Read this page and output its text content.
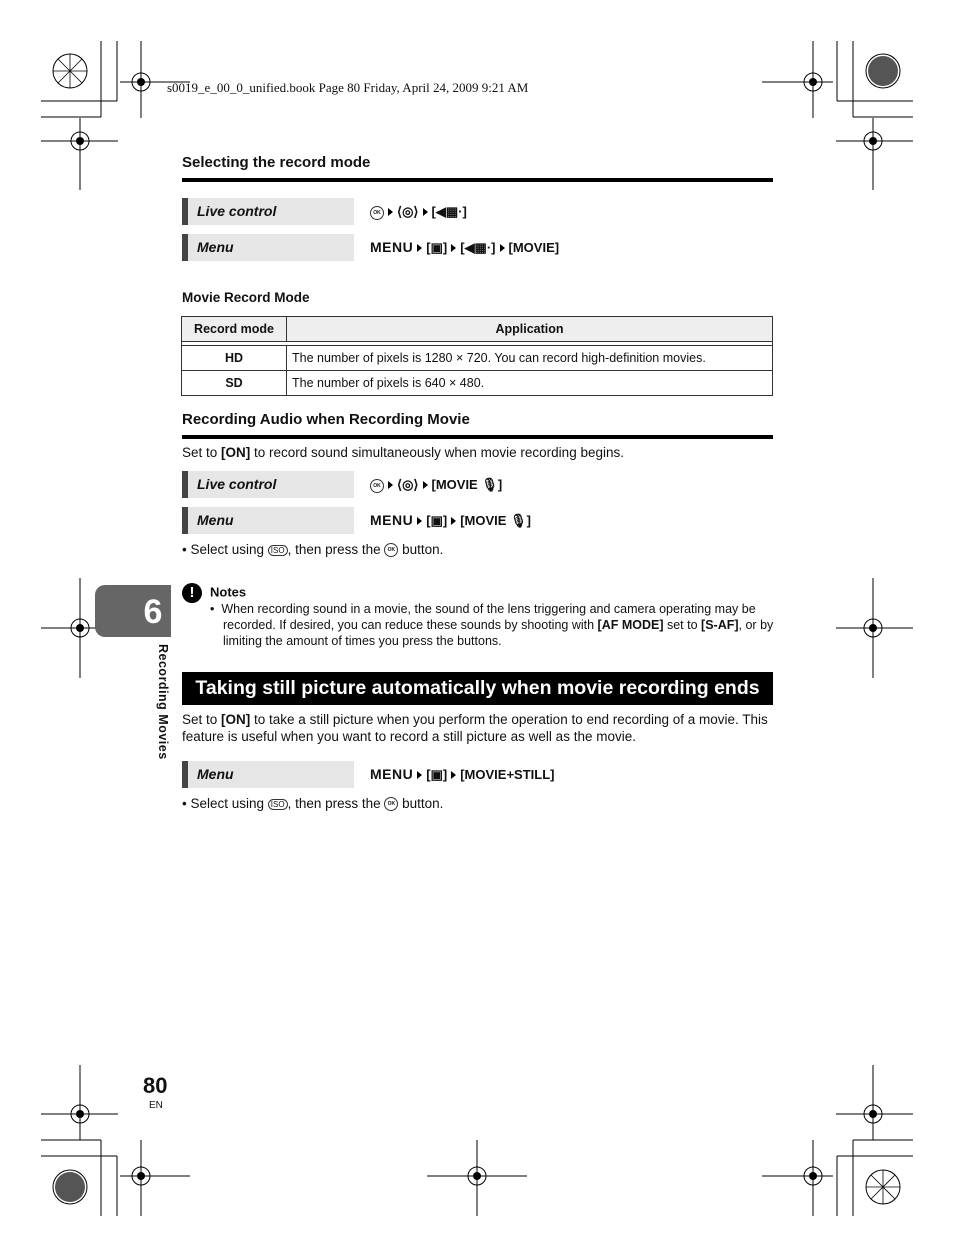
s0019_e_00_0_unified.book Page 80 Friday, April 24, 2009 9:21 AM
Selecting the record mode
Live control	OK ⟨◎⟩ [◀▦·]
Menu	MENU [▣] [◀▦·] [MOVIE]
Movie Record Mode
Record mode	Application

HD	The number of pixels is 1280 × 720. You can record high-definition movies.
SD	The number of pixels is 640 × 480.
Recording Audio when Recording Movie
Set to [ON] to record sound simultaneously when movie recording begins.
Live control	OK ⟨◎⟩ [MOVIE 🎙︎]
Menu	MENU [▣] [MOVIE 🎙︎]
• Select using ISO , then press the OK button.
! Notes
•  When recording sound in a movie, the sound of the lens triggering and camera operating may be recorded. If desired, you can reduce these sounds by shooting with [AF MODE] set to [S-AF], or by limiting the amount of times you press the buttons.
Taking still picture automatically when movie recording ends
Set to [ON] to take a still picture when you perform the operation to end recording of a movie. This feature is useful when you want to record a still picture as well as the movie.
Menu	MENU [▣] [MOVIE+STILL]
• Select using ISO , then press the OK button.
6
Recording Movies
80
EN
